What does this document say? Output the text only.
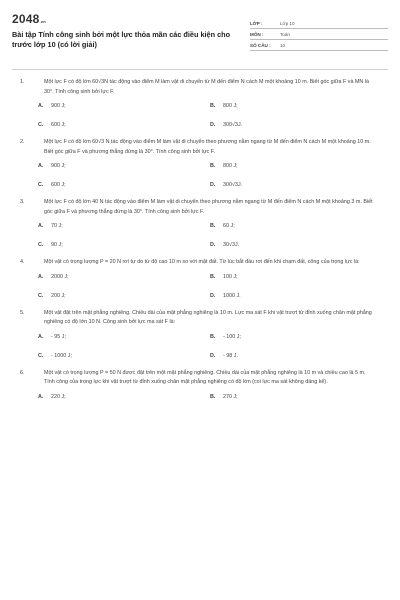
2048.vn
Bài tập Tính công sinh bởi một lực thỏa mãn các điều kiện cho trước lớp 10 (có lời giải)
LỚP :	Lớp 10
MÔN :	Toán
SỐ CÂU :	10
1.	Một lực F có độ lớn 60√3N tác động vào điểm M làm vật di chuyển từ M đến điểm N cách M một khoảng 10 m. Biết góc giữa F và MN là 30°. Tính công sinh bởi lực F.
A.	900 J;	B.	800 J;
C.	600 J;	D.	300√3J.
2.	Một lực F có độ lớn 60√3 N tác động vào điểm M làm vật di chuyển theo phương nằm ngang từ M đến điểm N cách M một khoảng 10 m. Biết góc giữa F và phương thẳng đứng là 30°. Tính công sinh bởi lực F.
A.	900 J;	B.	800 J;
C.	600 J;	D.	300√3J.
3.	Một lực F có độ lớn 40 N tác động vào điểm M làm vật di chuyển theo phương nằm ngang từ M đến điểm N cách M một khoảng 3 m. Biết góc giữa F và phương thẳng đứng là 30°. Tính công sinh bởi lực F.
A.	70 J;	B.	60 J;
C.	90 J;	D.	30√3J.
4.	Một vật có trọng lượng P = 20 N rơi tự do từ độ cao 10 m so với mặt đất. Từ lúc bắt đầu rơi đến khi chạm đất, công của trọng lực là:
A.	2000 J;	B.	100 J;
C.	200 J;	D.	1000 J.
5.	Một vật đặt trên mặt phẳng nghiêng. Chiều dài của mặt phẳng nghiêng là 10 m. Lực ma sát F khi vật trượt từ đỉnh xuống chân mặt phẳng nghiêng có độ lớn 10 N. Công sinh bởi lực ma sát F là:
A.	- 95 J;	B.	- 100 J;
C.	- 1000 J;	D.	- 98 J.
6.	Một vật có trọng lượng P = 50 N được đặt trên một mặt phẳng nghiêng. Chiều dài của mặt phẳng nghiêng là 10 m và chiều cao là 5 m. Tính công của trọng lực khi vật trượt từ đỉnh xuống chân mặt phẳng nghiêng có độ lớn (coi lực ma sát không đáng kể).
A.	220 J;	B.	270 J;
